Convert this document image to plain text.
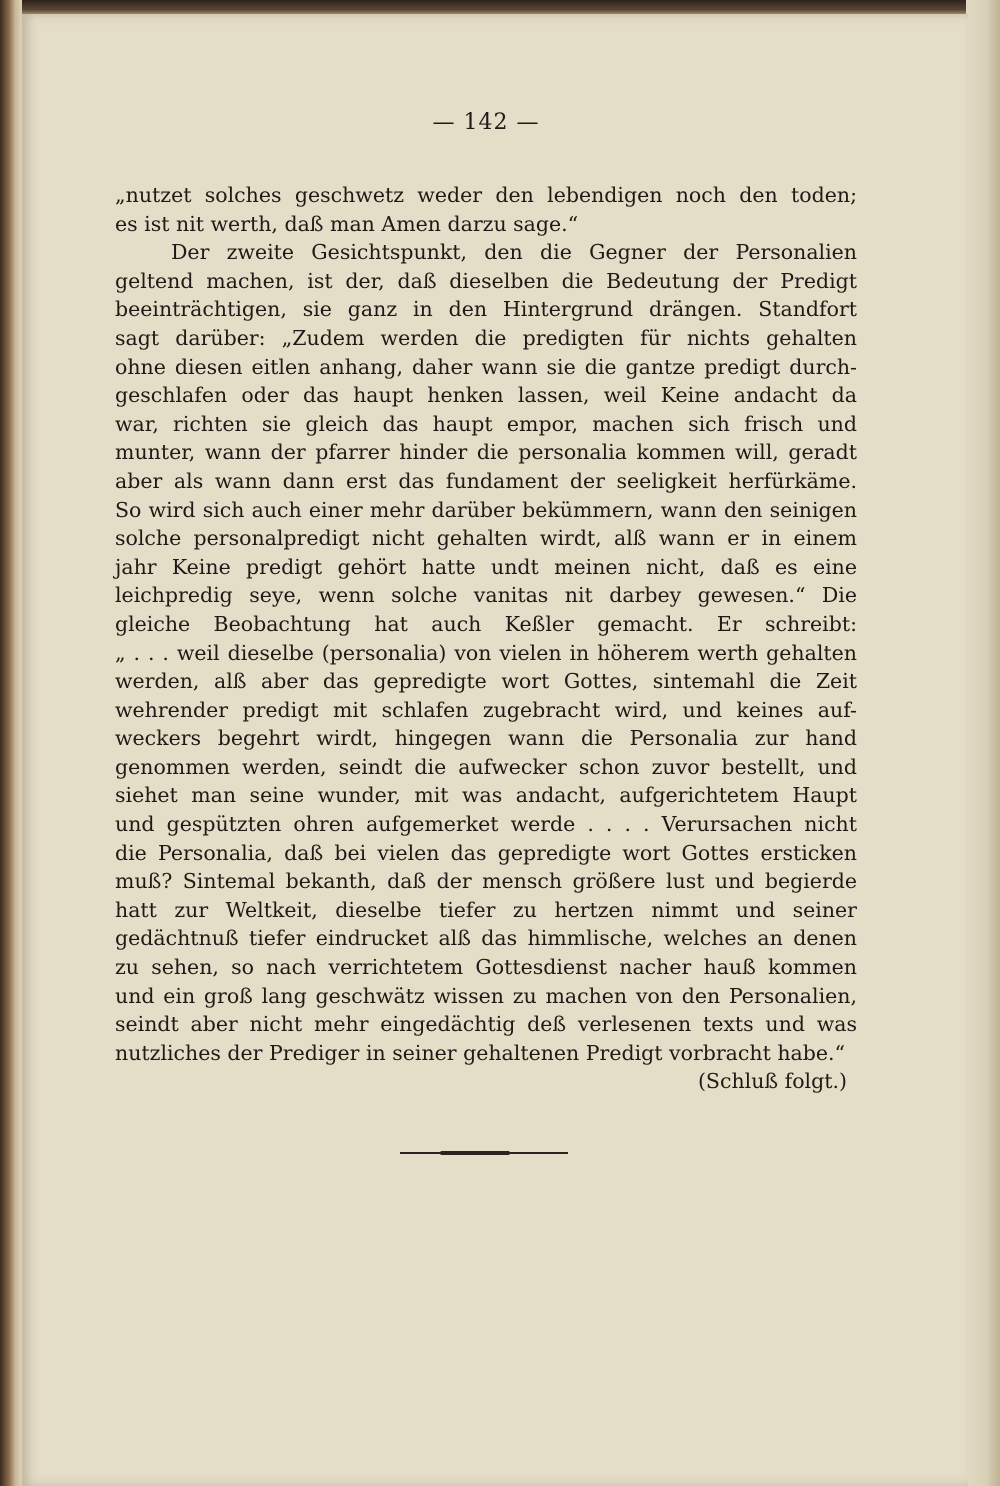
— 142 —
„nutzet solches geschwetz weder den lebendigen noch den toden;
es ist nit werth, daß man Amen darzu sage.“
Der zweite Gesichtspunkt, den die Gegner der Personalien
geltend machen, ist der, daß dieselben die Bedeutung der Predigt
beeinträchtigen, sie ganz in den Hintergrund drängen. Standfort
sagt darüber: „Zudem werden die predigten für nichts gehalten
ohne diesen eitlen anhang, daher wann sie die gantze predigt durch-
geschlafen oder das haupt henken lassen, weil Keine andacht da
war, richten sie gleich das haupt empor, machen sich frisch und
munter, wann der pfarrer hinder die personalia kommen will, geradt
aber als wann dann erst das fundament der seeligkeit herfürkäme.
So wird sich auch einer mehr darüber bekümmern, wann den seinigen
solche personalpredigt nicht gehalten wirdt, alß wann er in einem
jahr Keine predigt gehört hatte undt meinen nicht, daß es eine
leichpredig seye, wenn solche vanitas nit darbey gewesen.“ Die
gleiche Beobachtung hat auch Keßler gemacht. Er schreibt:
„ . . . weil dieselbe (personalia) von vielen in höherem werth gehalten
werden, alß aber das gepredigte wort Gottes, sintemahl die Zeit
wehrender predigt mit schlafen zugebracht wird, und keines auf-
weckers begehrt wirdt, hingegen wann die Personalia zur hand
genommen werden, seindt die aufwecker schon zuvor bestellt, und
siehet man seine wunder, mit was andacht, aufgerichtetem Haupt
und gespützten ohren aufgemerket werde . . . . Verursachen nicht
die Personalia, daß bei vielen das gepredigte wort Gottes ersticken
muß? Sintemal bekanth, daß der mensch größere lust und begierde
hatt zur Weltkeit, dieselbe tiefer zu hertzen nimmt und seiner
gedächtnuß tiefer eindrucket alß das himmlische, welches an denen
zu sehen, so nach verrichtetem Gottesdienst nacher hauß kommen
und ein groß lang geschwätz wissen zu machen von den Personalien,
seindt aber nicht mehr eingedächtig deß verlesenen texts und was
nutzliches der Prediger in seiner gehaltenen Predigt vorbracht habe.“
(Schluß folgt.)
